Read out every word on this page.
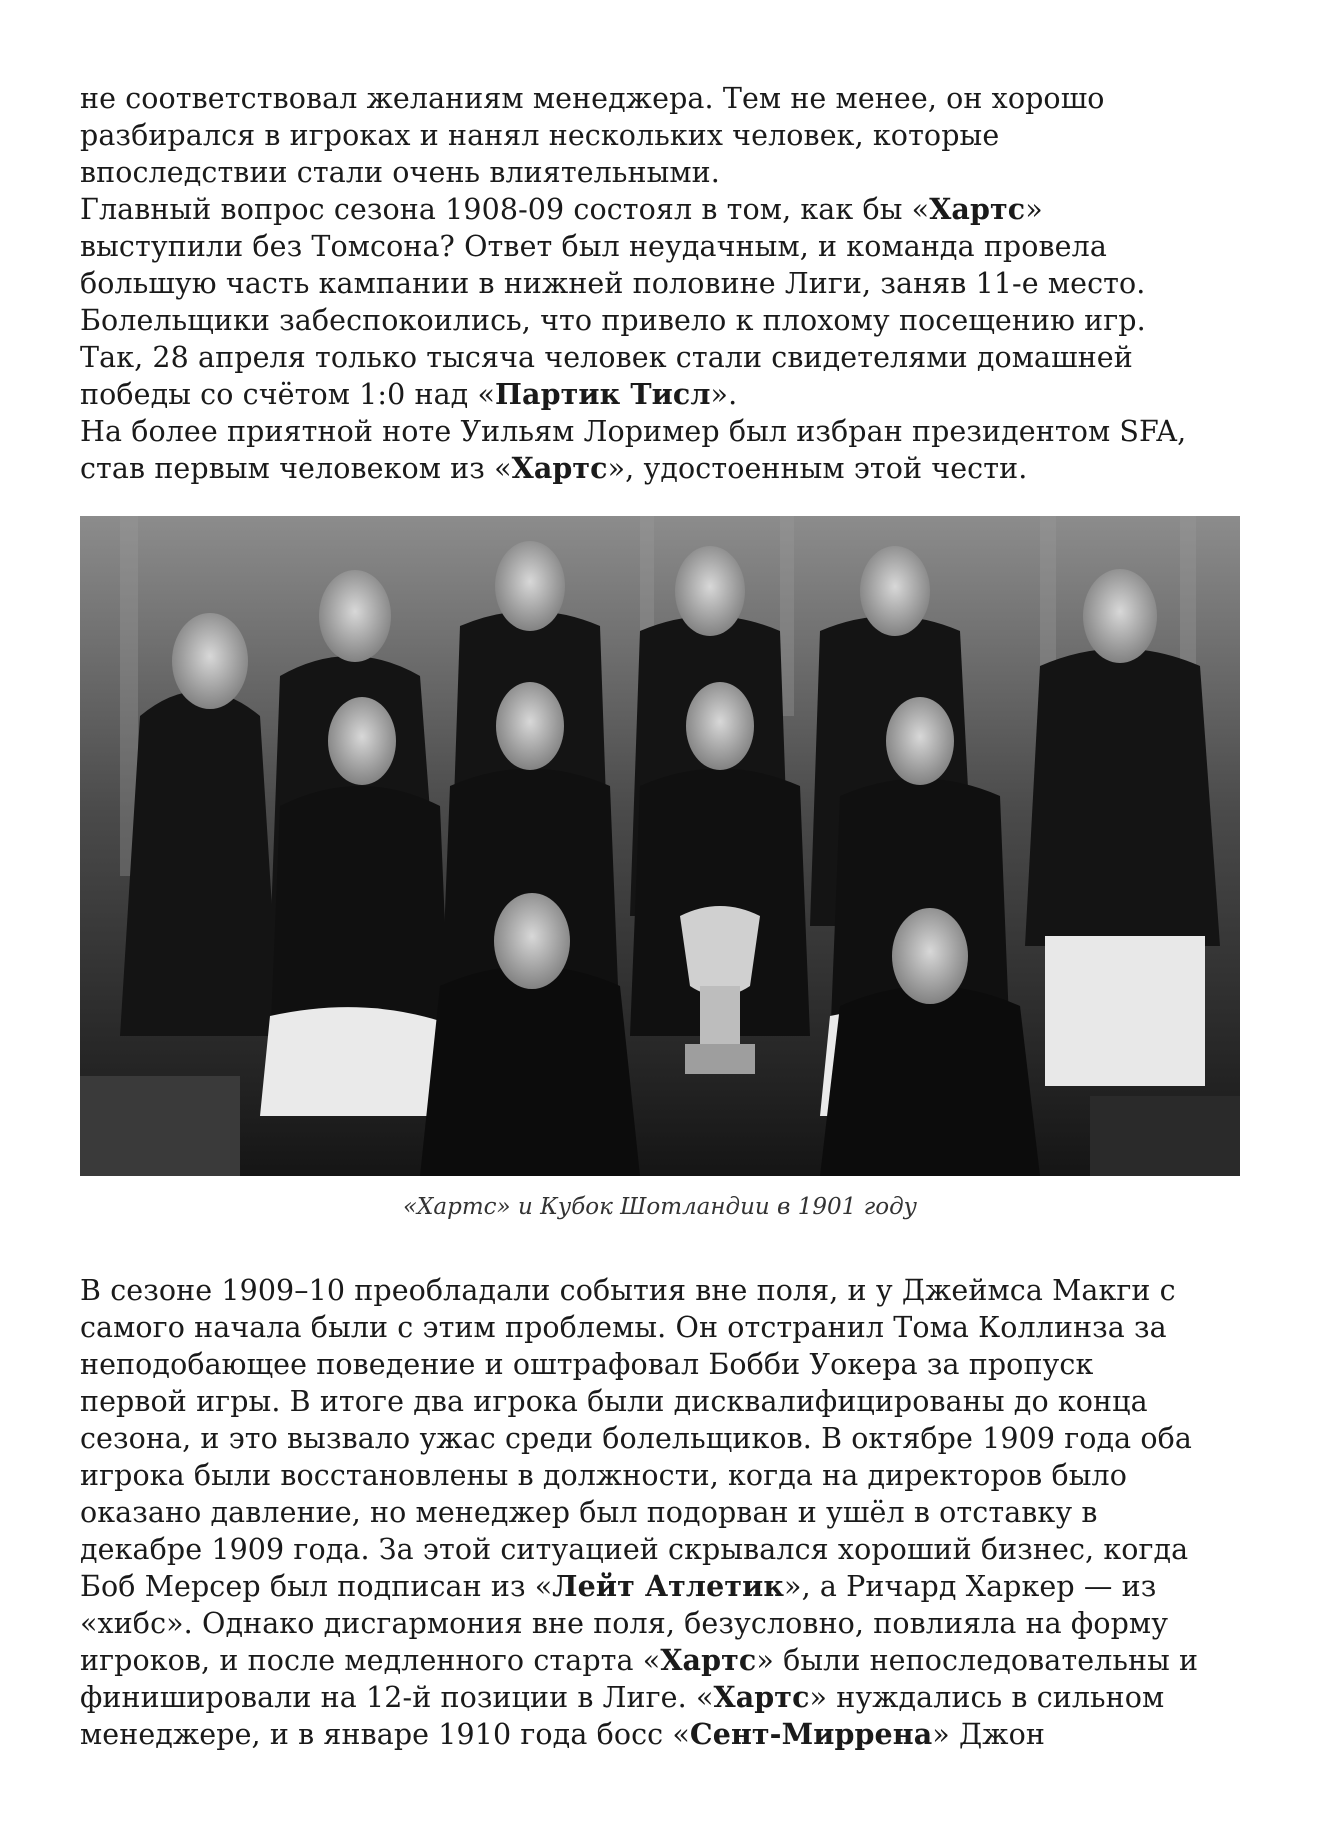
не соответствовал желаниям менеджера. Тем не менее, он хорошо
разбирался в игроках и нанял нескольких человек, которые
впоследствии стали очень влиятельными.
Главный вопрос сезона 1908-09 состоял в том, как бы «Хартс»
выступили без Томсона? Ответ был неудачным, и команда провела
большую часть кампании в нижней половине Лиги, заняв 11-е место.
Болельщики забеспокоились, что привело к плохому посещению игр.
Так, 28 апреля только тысяча человек стали свидетелями домашней
победы со счётом 1:0 над «Партик Тисл».
На более приятной ноте Уильям Лоример был избран президентом SFA,
став первым человеком из «Хартс», удостоенным этой чести.
«Хартс» и Кубок Шотландии в 1901 году
В сезоне 1909–10 преобладали события вне поля, и у Джеймса Макги с
самого начала были с этим проблемы. Он отстранил Тома Коллинза за
неподобающее поведение и оштрафовал Бобби Уокера за пропуск
первой игры. В итоге два игрока были дисквалифицированы до конца
сезона, и это вызвало ужас среди болельщиков. В октябре 1909 года оба
игрока были восстановлены в должности, когда на директоров было
оказано давление, но менеджер был подорван и ушёл в отставку в
декабре 1909 года. За этой ситуацией скрывался хороший бизнес, когда
Боб Мерсер был подписан из «Лейт Атлетик», а Ричард Харкер — из
«хибс». Однако дисгармония вне поля, безусловно, повлияла на форму
игроков, и после медленного старта «Хартс» были непоследовательны и
финишировали на 12-й позиции в Лиге. «Хартс» нуждались в сильном
менеджере, и в январе 1910 года босс «Сент-Миррена» Джон
